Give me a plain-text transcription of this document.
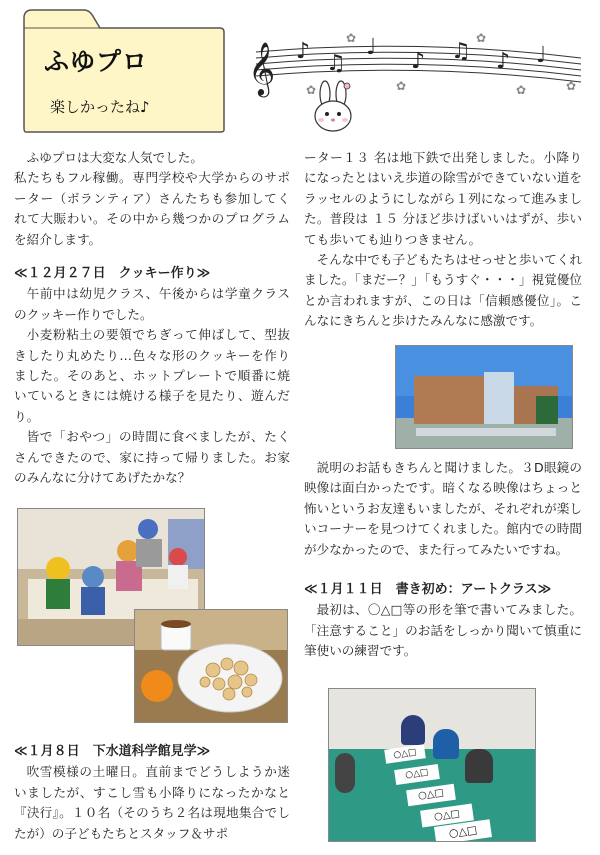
ふゆプロ
楽しかったね♪
𝄞 ♪ ♫
♩
♪ ♫ ♪ ♩
✿
✿
✿
✿	✿
✿

ふゆプロは大変な人気でした。

私たちもフル稼働。専門学校や大学からのサポーター（ボランティア）さんたちも参加してくれて大賑わい。その中から幾つかのプログラムを紹介します。

≪１２月２７日　クッキー作り≫

午前中は幼児クラス、午後からは学童クラスのクッキー作りでした。

小麦粉粘土の要領でちぎって伸ばして、型抜きしたり丸めたり…色々な形のクッキーを作りました。そのあと、ホットプレートで順番に焼いているときには焼ける様子を見たり、遊んだり。

皆で「おやつ」の時間に食べましたが、たくさんできたので、家に持って帰りました。お家のみんなに分けてあげたかな？

≪１月８日　下水道科学館見学≫

吹雪模様の土曜日。直前までどうしようか迷いましたが、すこし雪も小降りになったかなと『決行』。１０名（そのうち２名は現地集合でしたが）の子どもたちとスタッフ＆サポ

ーター１３ 名は地下鉄で出発しました。小降りになったとはいえ歩道の除雪ができていない道をラッセルのようにしながら１列になって進みました。普段は １５ 分ほど歩けばいいはずが、歩いても歩いても辿りつきません。

そんな中でも子どもたちはせっせと歩いてくれました。「まだー？」「もうすぐ・・・」視覚優位とか言われますが、この日は「信頼感優位」。こんなにきちんと歩けたみんなに感激です。

説明のお話もきちんと聞けました。３D眼鏡の映像は面白かったです。暗くなる映像はちょっと怖いというお友達もいましたが、それぞれが楽しいコーナーを見つけてくれました。館内での時間が少なかったので、また行ってみたいですね。

≪１月１１日　書き初め：アートクラス≫

最初は、〇△□等の形を筆で書いてみました。「注意すること」のお話をしっかり聞いて慎重に筆使いの練習です。

○△□
○△□
○△□
○△□
○△□
